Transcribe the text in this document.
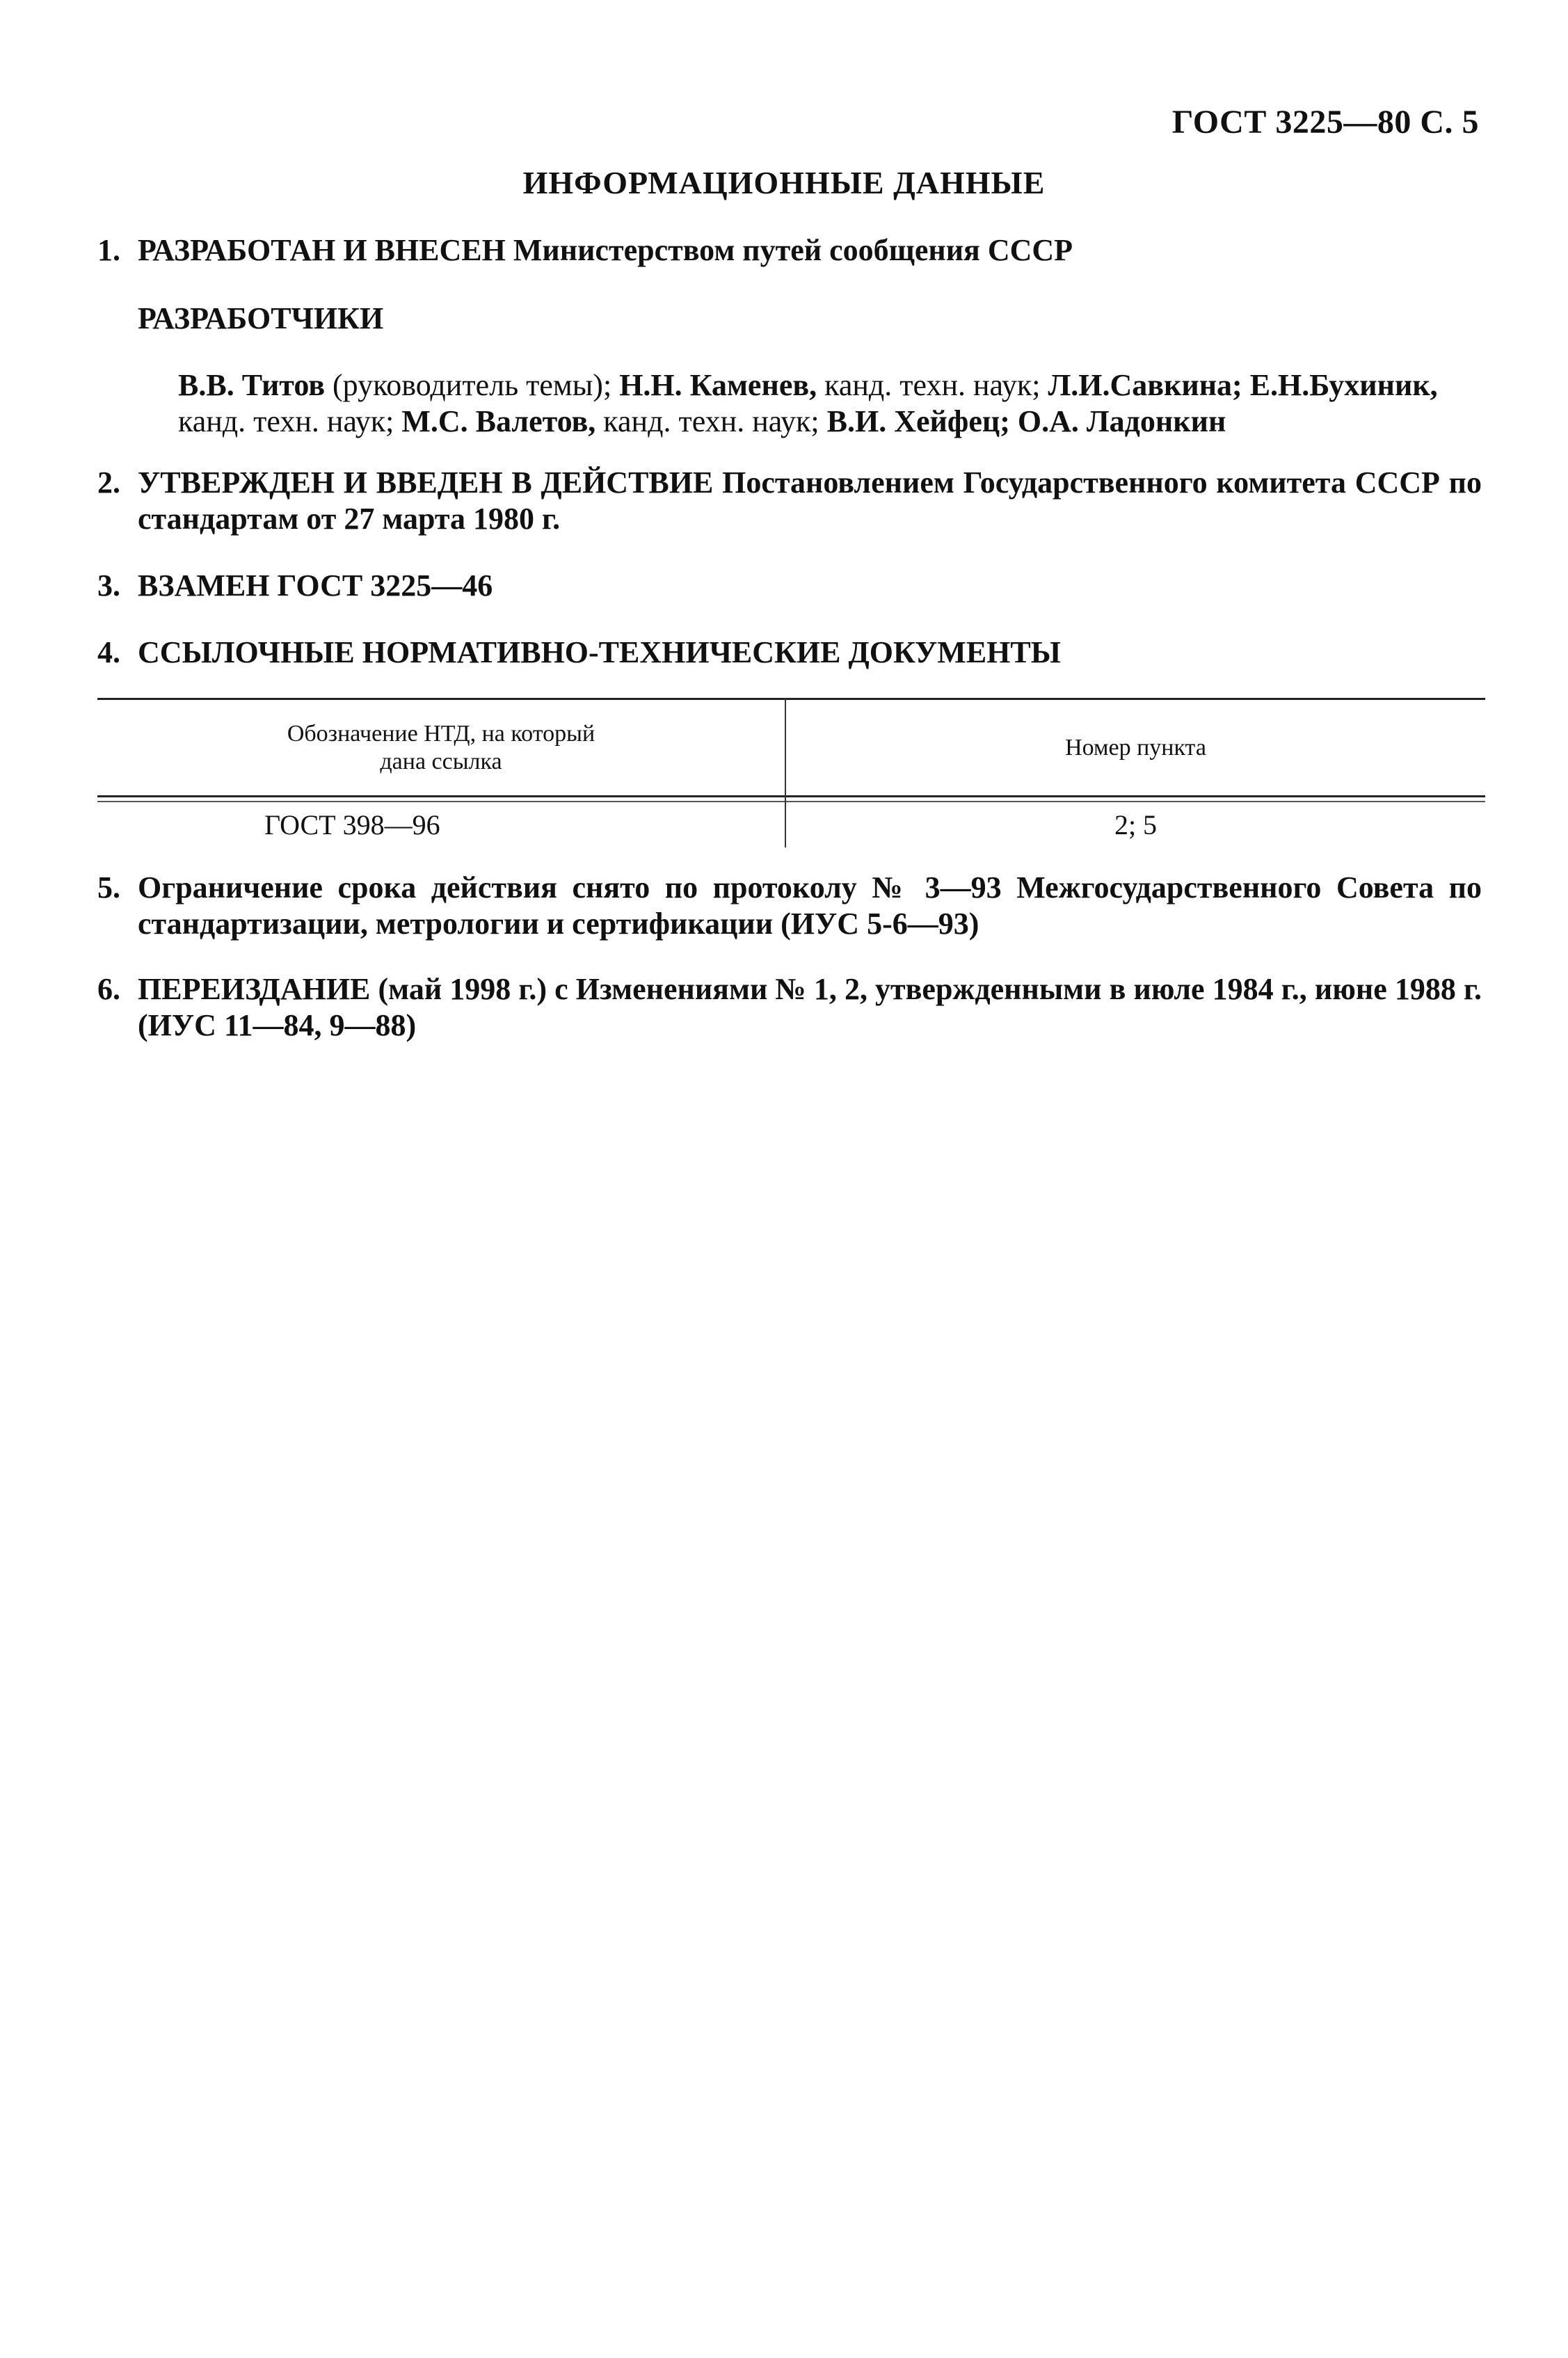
ГОСТ 3225—80 С. 5
ИНФОРМАЦИОННЫЕ ДАННЫЕ
1. РАЗРАБОТАН И ВНЕСЕН Министерством путей сообщения СССР
РАЗРАБОТЧИКИ
В.В. Титов (руководитель темы); Н.Н. Каменев, канд. техн. наук; Л.И.Савкина; Е.Н.Бухиник,
канд. техн. наук; М.С. Валетов, канд. техн. наук; В.И. Хейфец; О.А. Ладонкин
2. УТВЕРЖДЕН И ВВЕДЕН В ДЕЙСТВИЕ Постановлением Государственного комитета СССР по стандартам от 27 марта 1980 г.
3. ВЗАМЕН ГОСТ 3225—46
4. ССЫЛОЧНЫЕ НОРМАТИВНО-ТЕХНИЧЕСКИЕ ДОКУМЕНТЫ
Обозначение НТД, на который
дана ссылка
Номер пункта
ГОСТ 398—96	2; 5
5. Ограничение срока действия снято по протоколу № 3—93 Межгосударственного Совета по стандартизации, метрологии и сертификации (ИУС 5-6—93)
6. ПЕРЕИЗДАНИЕ (май 1998 г.) с Изменениями № 1, 2, утвержденными в июле 1984 г., июне 1988 г. (ИУС 11—84, 9—88)
